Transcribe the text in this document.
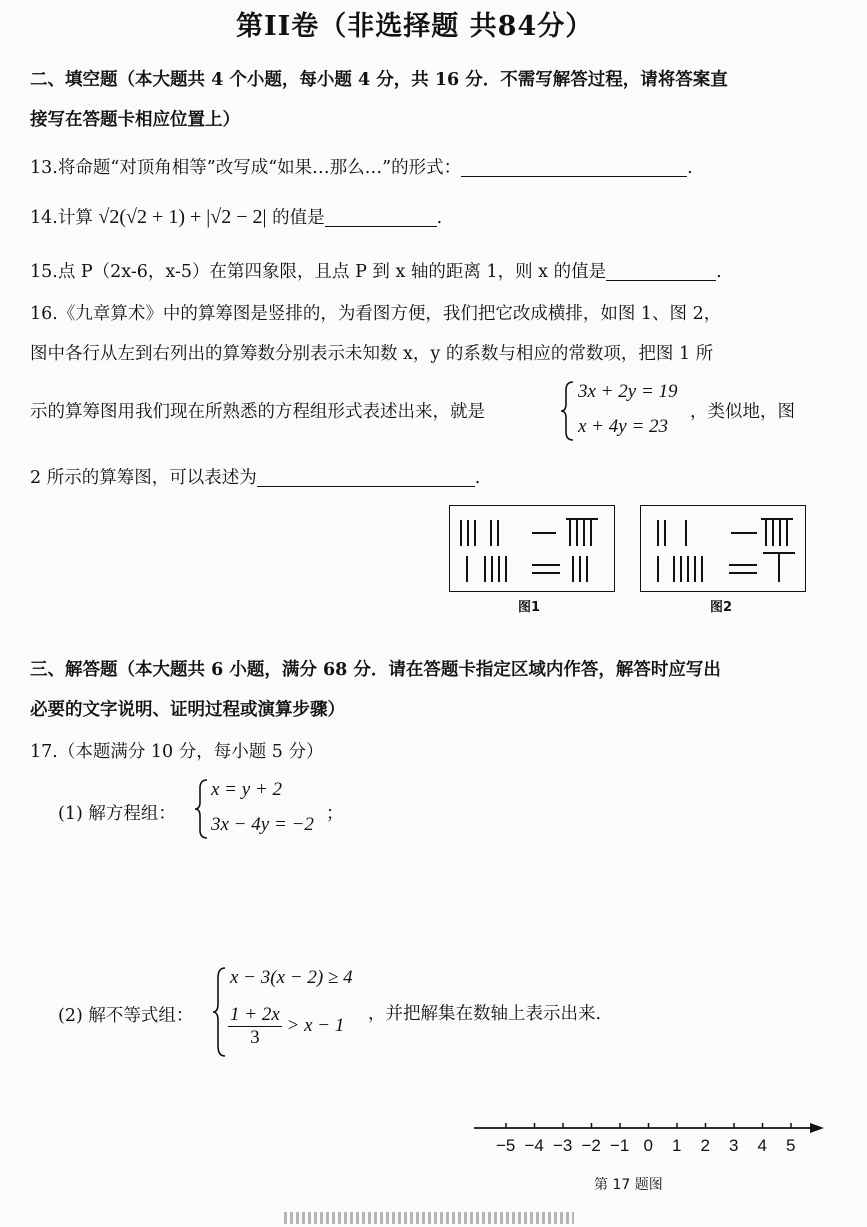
第II卷（非选择题 共84分）
二、填空题（本大题共 4 个小题，每小题 4 分，共 16 分．不需写解答过程，请将答案直
接写在答题卡相应位置上）
13.将命题“对顶角相等”改写成“如果…那么…”的形式：	.
14.计算 √2(√2 + 1) + |√2 − 2| 的值是	.
15.点 P（2x-6，x-5）在第四象限，且点 P 到 x 轴的距离 1，则 x 的值是	.
16.《九章算术》中的算筹图是竖排的，为看图方便，我们把它改成横排，如图 1、图 2，
图中各行从左到右列出的算筹数分别表示未知数 x，y 的系数与相应的常数项，把图 1 所
示的算筹图用我们现在所熟悉的方程组形式表述出来，就是
3x + 2y = 19
x + 4y = 23
，类似地，图
2 所示的算筹图，可以表述为	.
图1	图2
三、解答题（本大题共 6 小题，满分 68 分．请在答题卡指定区域内作答，解答时应写出
必要的文字说明、证明过程或演算步骤）
17.（本题满分 10 分，每小题 5 分）
(1) 解方程组：
x = y + 2
3x − 4y = −2 ；
(2) 解不等式组：
x − 3(x − 2) ≥ 4
$\frac{1 + 2x}{3} > x - 1$
，并把解集在数轴上表示出来.
−5 −4 −3 −2 −1 0 1 2 3 4 5
第 17 题图
